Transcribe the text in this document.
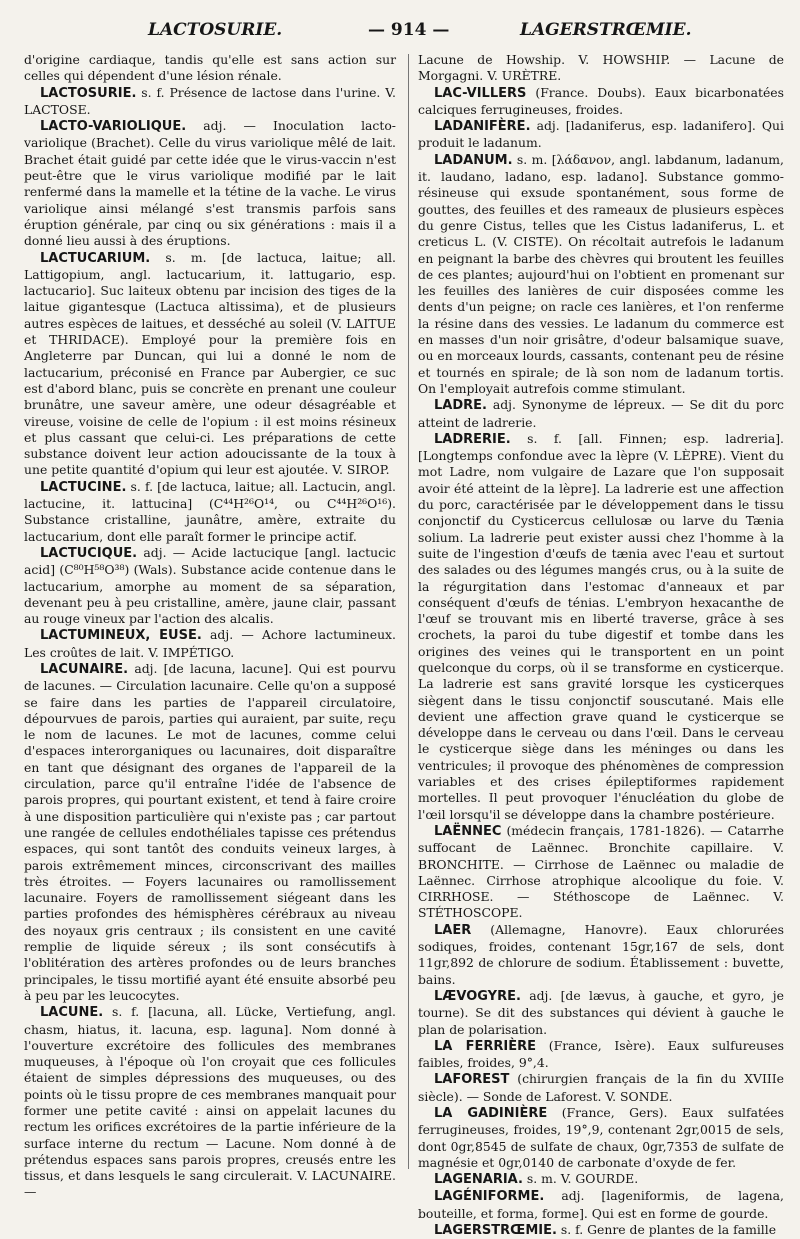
LACTOSURIE.	— 914 —	LAGERSTRŒMIE.

d'origine cardiaque, tandis qu'elle est sans action sur celles qui dépendent d'une lésion rénale.

LACTOSURIE. s. f. Présence de lactose dans l'urine. V. LACTOSE.

LACTO-VARIOLIQUE. adj. — Inoculation lacto-variolique (Brachet). Celle du virus variolique mêlé de lait. Brachet était guidé par cette idée que le virus-vaccin n'est peut-être que le virus variolique modifié par le lait renfermé dans la mamelle et la tétine de la vache. Le virus variolique ainsi mélangé s'est transmis parfois sans éruption générale, par cinq ou six générations : mais il a donné lieu aussi à des éruptions.

LACTUCARIUM. s. m. [de lactuca, laitue; all. Lattigopium, angl. lactucarium, it. lattugario, esp. lactucario]. Suc laiteux obtenu par incision des tiges de la laitue gigantesque (Lactuca altissima), et de plusieurs autres espèces de laitues, et desséché au soleil (V. LAITUE et THRIDACE). Employé pour la première fois en Angleterre par Duncan, qui lui a donné le nom de lactucarium, préconisé en France par Aubergier, ce suc est d'abord blanc, puis se concrète en prenant une couleur brunâtre, une saveur amère, une odeur désagréable et vireuse, voisine de celle de l'opium : il est moins résineux et plus cassant que celui-ci. Les préparations de cette substance doivent leur action adoucissante de la toux à une petite quantité d'opium qui leur est ajoutée. V. SIROP.

LACTUCINE. s. f. [de lactuca, laitue; all. Lactucin, angl. lactucine, it. lattucina] (C⁴⁴H²⁶O¹⁴, ou C⁴⁴H²⁶O¹⁶). Substance cristalline, jaunâtre, amère, extraite du lactucarium, dont elle paraît former le principe actif.

LACTUCIQUE. adj. — Acide lactucique [angl. lactucic acid] (C⁸⁰H⁵⁸O³⁸) (Wals). Substance acide contenue dans le lactucarium, amorphe au moment de sa séparation, devenant peu à peu cristalline, amère, jaune clair, passant au rouge vineux par l'action des alcalis.

LACTUMINEUX, EUSE. adj. — Achore lactumineux. Les croûtes de lait. V. IMPÉTIGO.

LACUNAIRE. adj. [de lacuna, lacune]. Qui est pourvu de lacunes. — Circulation lacunaire. Celle qu'on a supposé se faire dans les parties de l'appareil circulatoire, dépourvues de parois, parties qui auraient, par suite, reçu le nom de lacunes. Le mot de lacunes, comme celui d'espaces interorganiques ou lacunaires, doit disparaître en tant que désignant des organes de l'appareil de la circulation, parce qu'il entraîne l'idée de l'absence de parois propres, qui pourtant existent, et tend à faire croire à une disposition particulière qui n'existe pas ; car partout une rangée de cellules endothéliales tapisse ces prétendus espaces, qui sont tantôt des conduits veineux larges, à parois extrêmement minces, circonscrivant des mailles très étroites. — Foyers lacunaires ou ramollissement lacunaire. Foyers de ramollissement siégeant dans les parties profondes des hémisphères cérébraux au niveau des noyaux gris centraux ; ils consistent en une cavité remplie de liquide séreux ; ils sont consécutifs à l'oblitération des artères profondes ou de leurs branches principales, le tissu mortifié ayant été ensuite absorbé peu à peu par les leucocytes.

LACUNE. s. f. [lacuna, all. Lücke, Vertiefung, angl. chasm, hiatus, it. lacuna, esp. laguna]. Nom donné à l'ouverture excrétoire des follicules des membranes muqueuses, à l'époque où l'on croyait que ces follicules étaient de simples dépressions des muqueuses, ou des points où le tissu propre de ces membranes manquait pour former une petite cavité : ainsi on appelait lacunes du rectum les orifices excrétoires de la partie inférieure de la surface interne du rectum — Lacune. Nom donné à de prétendus espaces sans parois propres, creusés entre les tissus, et dans lesquels le sang circulerait. V. LACUNAIRE. —

Lacune de Howship. V. HOWSHIP. — Lacune de Morgagni. V. URÈTRE.

LAC-VILLERS (France. Doubs). Eaux bicarbonatées calciques ferrugineuses, froides.

LADANIFÈRE. adj. [ladaniferus, esp. ladanifero]. Qui produit le ladanum.

LADANUM. s. m. [λάδανον, angl. labdanum, ladanum, it. laudano, ladano, esp. ladano]. Substance gommo-résineuse qui exsude spontanément, sous forme de gouttes, des feuilles et des rameaux de plusieurs espèces du genre Cistus, telles que les Cistus ladaniferus, L. et creticus L. (V. CISTE). On récoltait autrefois le ladanum en peignant la barbe des chèvres qui broutent les feuilles de ces plantes; aujourd'hui on l'obtient en promenant sur les feuilles des lanières de cuir disposées comme les dents d'un peigne; on racle ces lanières, et l'on renferme la résine dans des vessies. Le ladanum du commerce est en masses d'un noir grisâtre, d'odeur balsamique suave, ou en morceaux lourds, cassants, contenant peu de résine et tournés en spirale; de là son nom de ladanum tortis. On l'employait autrefois comme stimulant.

LADRE. adj. Synonyme de lépreux. — Se dit du porc atteint de ladrerie.

LADRERIE. s. f. [all. Finnen; esp. ladreria]. [Longtemps confondue avec la lèpre (V. LÈPRE). Vient du mot Ladre, nom vulgaire de Lazare que l'on supposait avoir été atteint de la lèpre]. La ladrerie est une affection du porc, caractérisée par le développement dans le tissu conjonctif du Cysticercus cellulosæ ou larve du Tænia solium. La ladrerie peut exister aussi chez l'homme à la suite de l'ingestion d'œufs de tænia avec l'eau et surtout des salades ou des légumes mangés crus, ou à la suite de la régurgitation dans l'estomac d'anneaux et par conséquent d'œufs de ténias. L'embryon hexacanthe de l'œuf se trouvant mis en liberté traverse, grâce à ses crochets, la paroi du tube digestif et tombe dans les origines des veines qui le transportent en un point quelconque du corps, où il se transforme en cysticerque. La ladrerie est sans gravité lorsque les cysticerques siègent dans le tissu conjonctif souscutané. Mais elle devient une affection grave quand le cysticerque se développe dans le cerveau ou dans l'œil. Dans le cerveau le cysticerque siège dans les méninges ou dans les ventricules; il provoque des phénomènes de compression variables et des crises épileptiformes rapidement mortelles. Il peut provoquer l'énucléation du globe de l'œil lorsqu'il se développe dans la chambre postérieure.

LAËNNEC (médecin français, 1781-1826). — Catarrhe suffocant de Laënnec. Bronchite capillaire. V. BRONCHITE. — Cirrhose de Laënnec ou maladie de Laënnec. Cirrhose atrophique alcoolique du foie. V. CIRRHOSE. — Stéthoscope de Laënnec. V. STÉTHOSCOPE.

LAER (Allemagne, Hanovre). Eaux chlorurées sodiques, froides, contenant 15gr,167 de sels, dont 11gr,892 de chlorure de sodium. Établissement : buvette, bains.

LÆVOGYRE. adj. [de lævus, à gauche, et gyro, je tourne). Se dit des substances qui dévient à gauche le plan de polarisation.

LA FERRIÈRE (France, Isère). Eaux sulfureuses faibles, froides, 9°,4.

LAFOREST (chirurgien français de la fin du XVIIIe siècle). — Sonde de Laforest. V. SONDE.

LA GADINIÈRE (France, Gers). Eaux sulfatées ferrugineuses, froides, 19°,9, contenant 2gr,0015 de sels, dont 0gr,8545 de sulfate de chaux, 0gr,7353 de sulfate de magnésie et 0gr,0140 de carbonate d'oxyde de fer.

LAGENARIA. s. m. V. GOURDE.

LAGÉNIFORME. adj. [lageniformis, de lagena, bouteille, et forma, forme]. Qui est en forme de gourde.

LAGERSTRŒMIE. s. f. Genre de plantes de la famille
